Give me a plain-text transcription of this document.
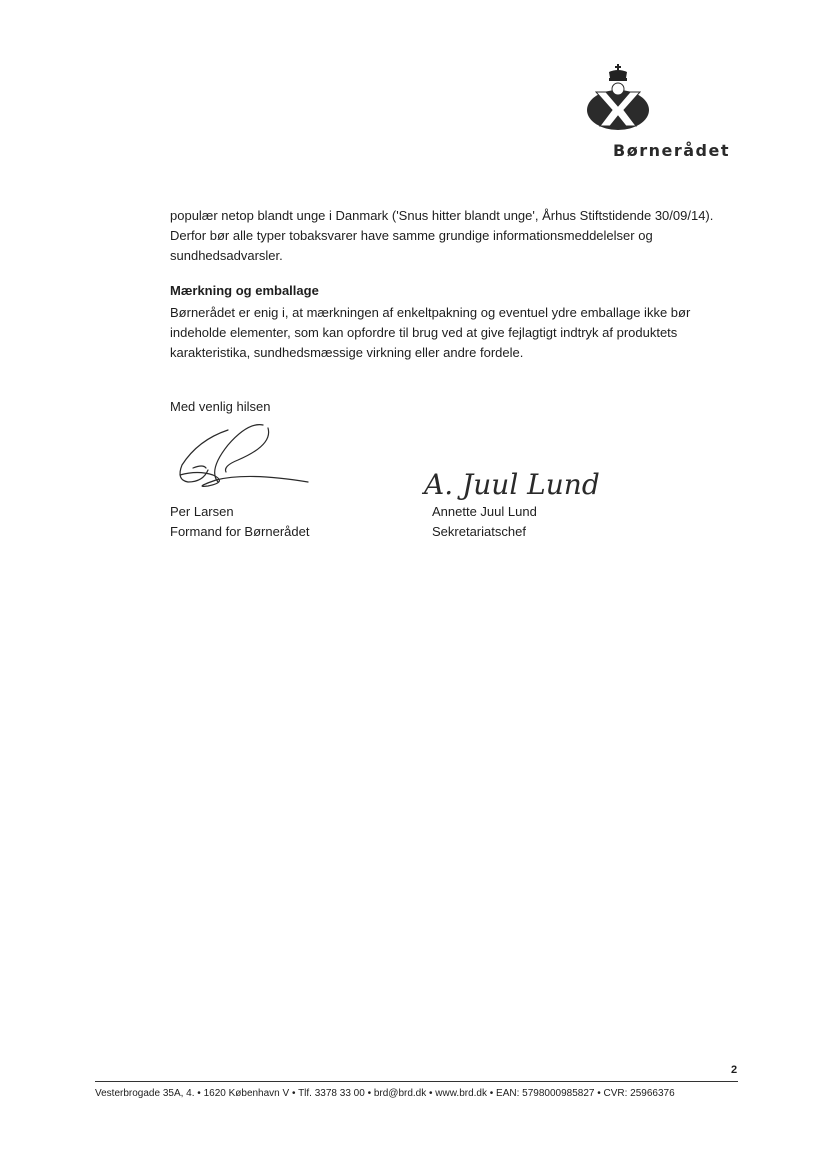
Børnerådet

populær netop blandt unge i Danmark ('Snus hitter blandt unge', Århus Stiftstidende 30/09/14). Derfor bør alle typer tobaksvarer have samme grundige informationsmeddelelser og sundhedsadvarsler.

Mærkning og emballage

Børnerådet er enig i, at mærkningen af enkeltpakning og eventuel ydre emballage ikke bør indeholde elementer, som kan opfordre til brug ved at give fejlagtigt indtryk af produktets karakteristika, sundhedsmæssige virkning eller andre fordele.

Med venlig hilsen
A. Juul Lund
Per Larsen
Formand for Børnerådet
Annette Juul Lund
Sekretariatschef
2
Vesterbrogade 35A, 4. • 1620 København V • Tlf. 3378 33 00 • brd@brd.dk • www.brd.dk • EAN: 5798000985827 • CVR: 25966376
